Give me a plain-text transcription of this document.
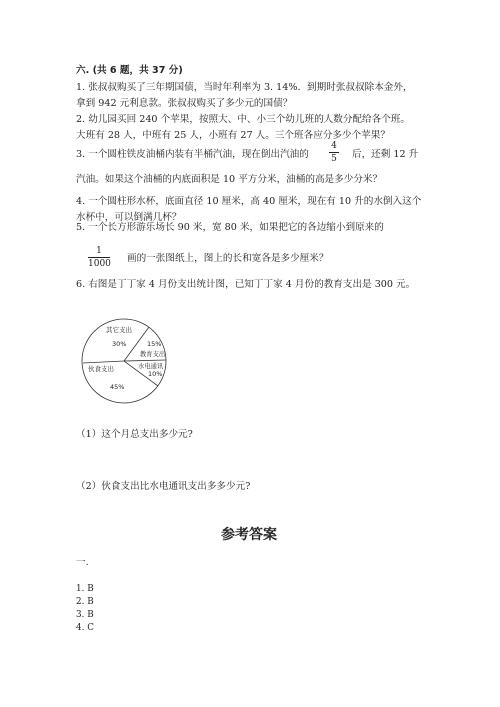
六. (共 6 题，共 37 分)
1. 张叔叔购买了三年期国债，当时年利率为 3. 14%．到期时张叔叔除本金外，
拿到 942 元利息款。张叔叔购买了多少元的国债？
2. 幼儿园买回 240 个苹果，按照大、中、小三个幼儿班的人数分配给各个班。
大班有 28 人，中班有 25 人，小班有 27 人。三个班各应分多少个苹果？
3. 一个圆柱铁皮油桶内装有半桶汽油，现在倒出汽油的
4
5 后，还剩 12 升
汽油。如果这个油桶的内底面积是 10 平方分米，油桶的高是多少分米？
4. 一个圆柱形水杯，底面直径 10 厘米，高 40 厘米，现在有 10 升的水倒入这个
水杯中，可以倒满几杯？
5. 一个长方形游乐场长 90 米，宽 80 米，如果把它的各边缩小到原来的
1
1000 画的一张图纸上，图上的长和宽各是多少厘米？
6. 右图是丁丁家 4 月份支出统计图，已知丁丁家 4 月份的教育支出是 300 元。
其它支出
30%	15%
教育支出
水电通讯
10%
伙食支出
45%
（1）这个月总支出多少元?
（2）伙食支出比水电通讯支出多多少元?
参考答案
一.
1. B
2. B
3. B
4. C
